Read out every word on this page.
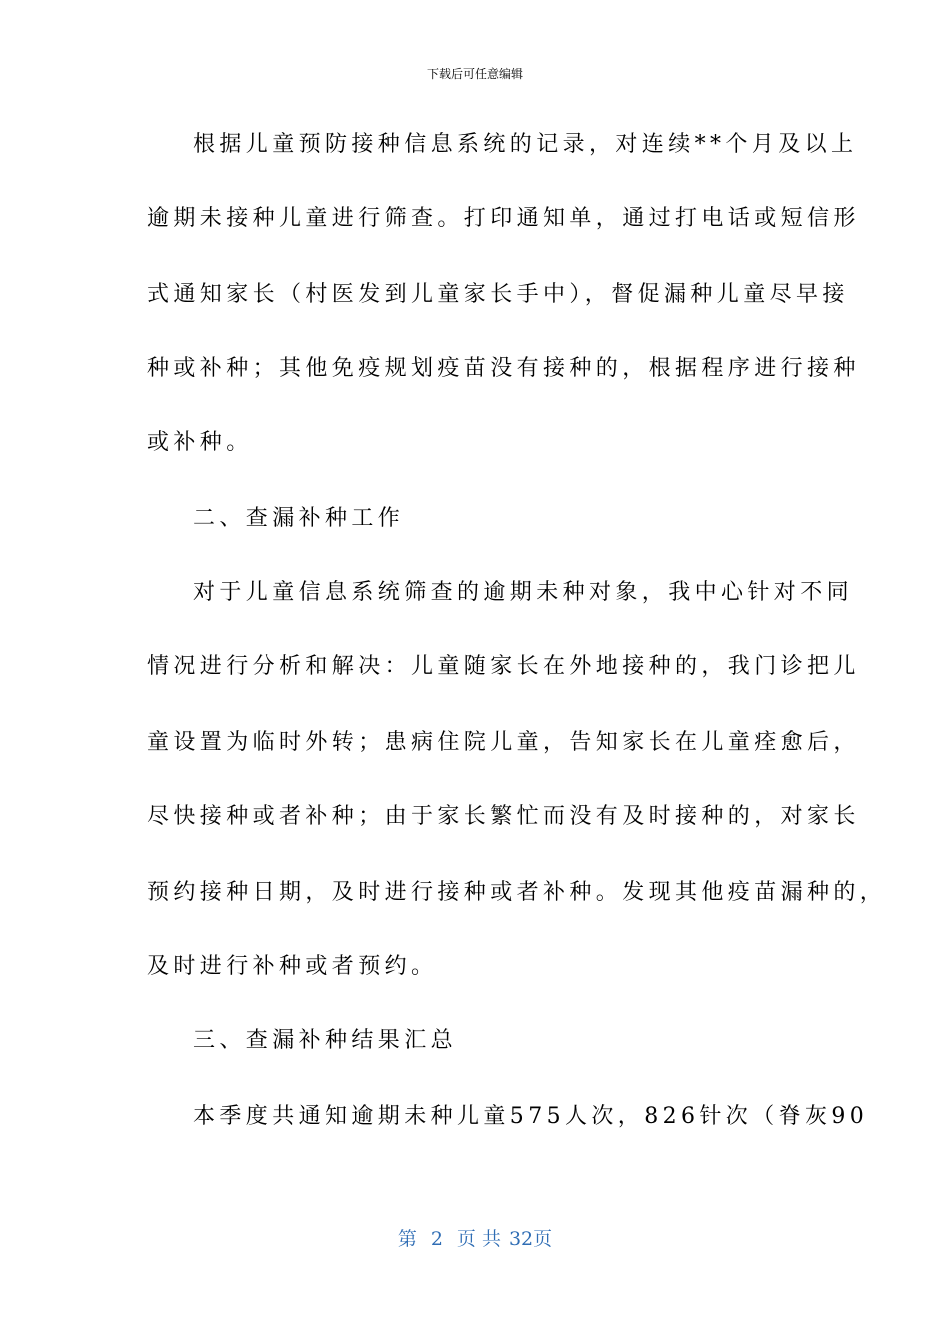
下载后可任意编辑
根据儿童预防接种信息系统的记录，对连续**个月及以上
逾期未接种儿童进行筛查。打印通知单，通过打电话或短信形
式通知家长（村医发到儿童家长手中），督促漏种儿童尽早接
种或补种；其他免疫规划疫苗没有接种的，根据程序进行接种
或补种。
二、查漏补种工作
对于儿童信息系统筛查的逾期未种对象，我中心针对不同
情况进行分析和解决：儿童随家长在外地接种的，我门诊把儿
童设置为临时外转；患病住院儿童，告知家长在儿童痊愈后，
尽快接种或者补种；由于家长繁忙而没有及时接种的，对家长
预约接种日期，及时进行接种或者补种。发现其他疫苗漏种的，
及时进行补种或者预约。
三、查漏补种结果汇总
本季度共通知逾期未种儿童575人次，826针次（脊灰90
第 2 页 共 32页
